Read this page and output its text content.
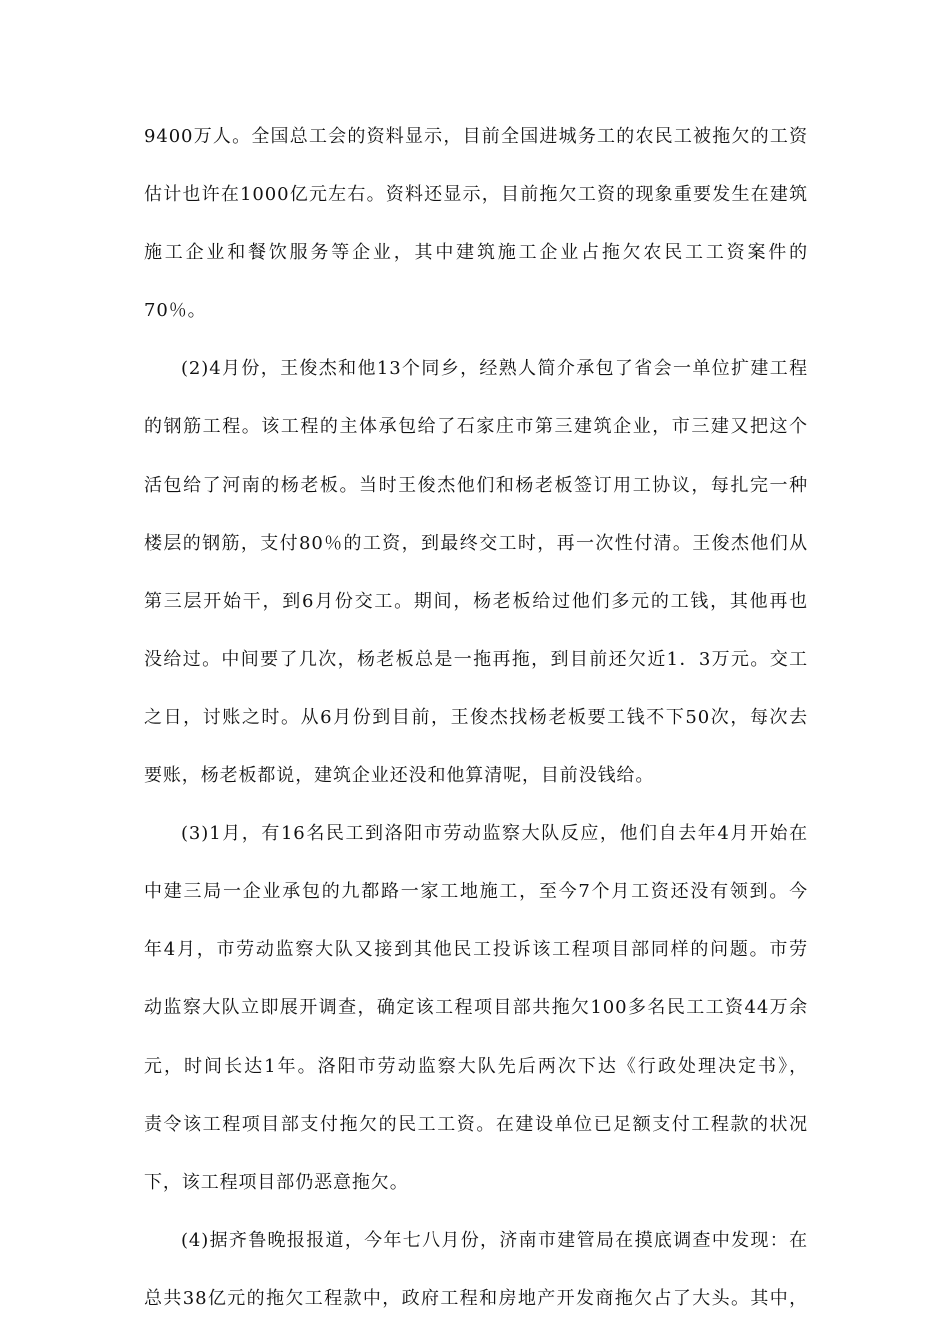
9400万人。全国总工会的资料显示，目前全国进城务工的农民工被拖欠的工资
估计也许在1000亿元左右。资料还显示，目前拖欠工资的现象重要发生在建筑
施工企业和餐饮服务等企业，其中建筑施工企业占拖欠农民工工资案件的
70％。
(2)4月份，王俊杰和他13个同乡，经熟人简介承包了省会一单位扩建工程
的钢筋工程。该工程的主体承包给了石家庄市第三建筑企业，市三建又把这个
活包给了河南的杨老板。当时王俊杰他们和杨老板签订用工协议，每扎完一种
楼层的钢筋，支付80％的工资，到最终交工时，再一次性付清。王俊杰他们从
第三层开始干，到6月份交工。期间，杨老板给过他们多元的工钱，其他再也
没给过。中间要了几次，杨老板总是一拖再拖，到目前还欠近1．3万元。交工
之日，讨账之时。从6月份到目前，王俊杰找杨老板要工钱不下50次，每次去
要账，杨老板都说，建筑企业还没和他算清呢，目前没钱给。
(3)1月，有16名民工到洛阳市劳动监察大队反应，他们自去年4月开始在
中建三局一企业承包的九都路一家工地施工，至今7个月工资还没有领到。今
年4月，市劳动监察大队又接到其他民工投诉该工程项目部同样的问题。市劳
动监察大队立即展开调查，确定该工程项目部共拖欠100多名民工工资44万余
元，时间长达1年。洛阳市劳动监察大队先后两次下达《行政处理决定书》，
责令该工程项目部支付拖欠的民工工资。在建设单位已足额支付工程款的状况
下，该工程项目部仍恶意拖欠。
(4)据齐鲁晚报报道，今年七八月份，济南市建管局在摸底调查中发现：在
总共38亿元的拖欠工程款中，政府工程和房地产开发商拖欠占了大头。其中，
